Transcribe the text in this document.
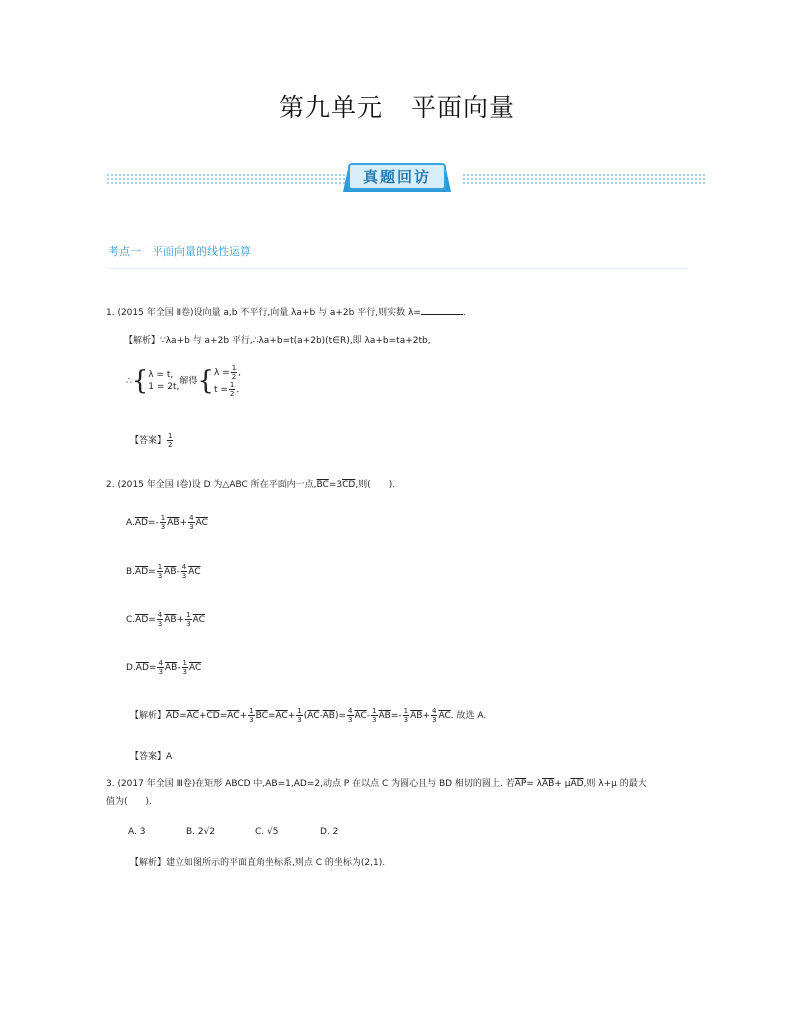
第九单元 平面向量
真题回访
考点一　平面向量的线性运算
1. (2015 年全国 Ⅱ卷)设向量 a,b 不平行,向量 λa+b 与 a+2b 平行,则实数 λ=	.
【解析】∵λa+b 与 a+2b 平行,∴λa+b=t(a+2b)(t∈R),即 λa+b=ta+2tb,
∴{ λ = t,
1 = 2t,
解得{ $\lambda = \frac{1}{2}$ ,
$t = \frac{1}{2}$ .
【答案】 $\frac{1}{2}$
2. (2015 年全国 Ⅰ卷)设 D 为△ABC 所在平面内一点$,\overline{BC}=3\overline{CD}$,则(　　).
$A.\overline{AD}=- \frac{1}{3} \overline{AB}+ \frac{4}{3} \overline{AC}$
$B.\overline{AD}= \frac{1}{3} \overline{AB}- \frac{4}{3} \overline{AC}$
$C.\overline{AD}= \frac{4}{3} \overline{AB}+ \frac{1}{3} \overline{AC}$
$D.\overline{AD}= \frac{4}{3} \overline{AB}- \frac{1}{3} \overline{AC}$
【解析】$\overline{AD}=\overline{AC}+\overline{CD}=\overline{AC}+ \frac{1}{3} \overline{BC}=\overline{AC}+ \frac{1}{3} (\overline{AC}-\overline{AB})= \frac{4}{3} \overline{AC}- \frac{1}{3} \overline{AB}=- \frac{1}{3} \overline{AB}+ \frac{4}{3} \overline{AC}$. 故选 A.
【答案】A
3. (2017 年全国 Ⅲ卷)在矩形 ABCD 中,AB=1,AD=2,动点 P 在以点 C 为圆心且与 BD 相切的圆上. 若$\overline{AP}= \lambda\overline{AB}+ \mu\overline{AD}$,则 λ+μ 的最大
值为(　　).
A. 3	B. 2√2	C. √5	D. 2
【解析】建立如图所示的平面直角坐标系,则点 C 的坐标为(2,1).
